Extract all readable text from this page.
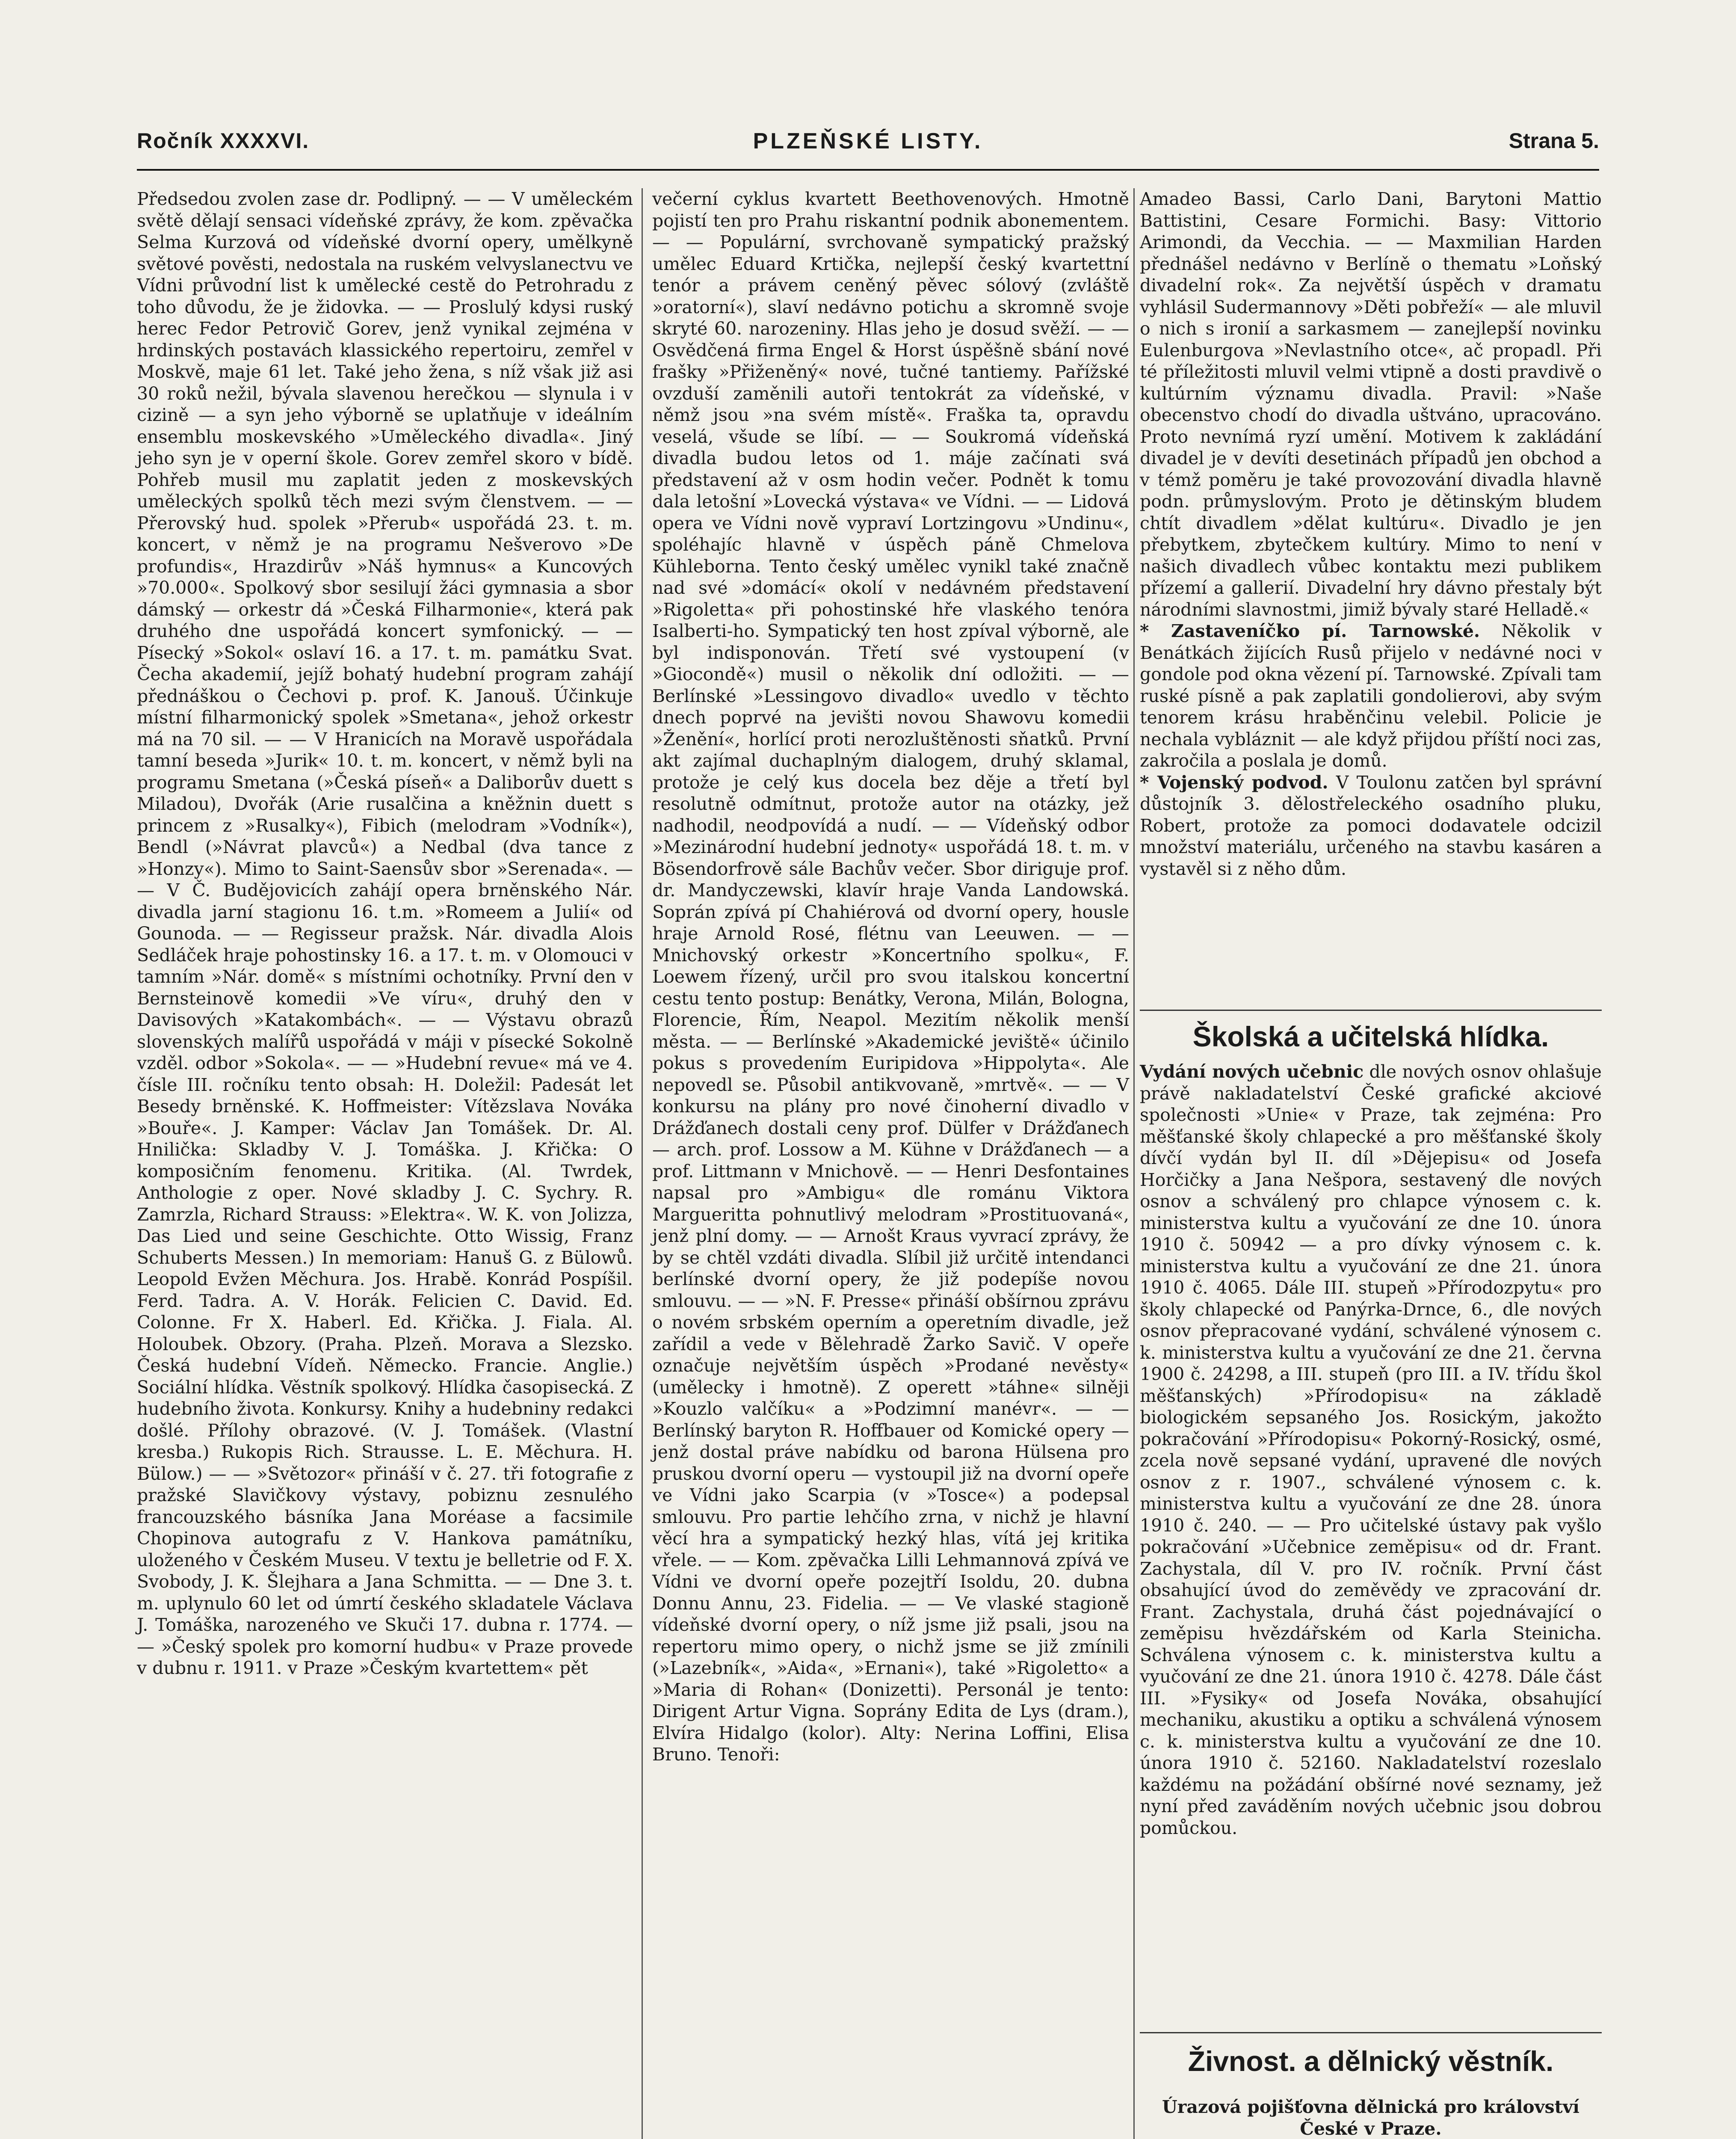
Ročník XXXXVI.	PLZEŇSKÉ LISTY.	Strana 5.

Předsedou zvolen zase dr. Podlipný. — — V uměleckém světě dělají sensaci vídeňské zprávy, že kom. zpěvačka Selma Kurzová od vídeňské dvorní opery, umělkyně světové pověsti, nedostala na ruském velvyslanectvu ve Vídni průvodní list k umělecké cestě do Petrohradu z toho důvodu, že je židovka. — — Proslulý kdysi ruský herec Fedor Petrovič Gorev, jenž vynikal zejména v hrdinských postavách klassického repertoiru, zemřel v Moskvě, maje 61 let. Také jeho žena, s níž však již asi 30 roků nežil, bývala slavenou herečkou — slynula i v cizině — a syn jeho výborně se uplatňuje v ideálním ensemblu moskevského »Uměleckého divadla«. Jiný jeho syn je v operní škole. Gorev zemřel skoro v bídě. Pohřeb musil mu zaplatit jeden z moskevských uměleckých spolků těch mezi svým členstvem. — — Přerovský hud. spolek »Přerub« uspořádá 23. t. m. koncert, v němž je na programu Nešverovo »De profundis«, Hrazdirův »Náš hymnus« a Kuncových »70.000«. Spolkový sbor sesilují žáci gymnasia a sbor dámský — orkestr dá »Česká Filharmonie«, která pak druhého dne uspořádá koncert symfonický. — — Písecký »Sokol« oslaví 16. a 17. t. m. památku Svat. Čecha akademií, jejíž bohatý hudební program zahájí přednáškou o Čechovi p. prof. K. Janouš. Účinkuje místní filharmonický spolek »Smetana«, jehož orkestr má na 70 sil. — — V Hranicích na Moravě uspořádala tamní beseda »Jurik« 10. t. m. koncert, v němž byli na programu Smetana (»Česká píseň« a Daliborův duett s Miladou), Dvořák (Arie rusalčina a kněžnin duett s princem z »Rusalky«), Fibich (melodram »Vodník«), Bendl (»Návrat plavců«) a Nedbal (dva tance z »Honzy«). Mimo to Saint-Saensův sbor »Serenada«. — — V Č. Budějovicích zahájí opera brněnského Nár. divadla jarní stagionu 16. t.m. »Romeem a Julií« od Gounoda. — — Regisseur pražsk. Nár. divadla Alois Sedláček hraje pohostinsky 16. a 17. t. m. v Olomouci v tamním »Nár. domě« s místními ochotníky. První den v Bernsteinově komedii »Ve víru«, druhý den v Davisových »Katakombách«. — — Výstavu obrazů slovenských malířů uspořádá v máji v písecké Sokolně vzděl. odbor »Sokola«. — — »Hudební revue« má ve 4. čísle III. ročníku tento obsah: H. Doležil: Padesát let Besedy brněnské. K. Hoffmeister: Vítězslava Nováka »Bouře«. J. Kamper: Václav Jan Tomášek. Dr. Al. Hnilička: Skladby V. J. Tomáška. J. Křička: O komposičním fenomenu. Kritika. (Al. Twrdek, Anthologie z oper. Nové skladby J. C. Sychry. R. Zamrzla, Richard Strauss: »Elektra«. W. K. von Jolizza, Das Lied und seine Geschichte. Otto Wissig, Franz Schuberts Messen.) In memoriam: Hanuš G. z Bülowů. Leopold Evžen Měchura. Jos. Hrabě. Konrád Pospíšil. Ferd. Tadra. A. V. Horák. Felicien C. David. Ed. Colonne. Fr X. Haberl. Ed. Křička. J. Fiala. Al. Holoubek. Obzory. (Praha. Plzeň. Morava a Slezsko. Česká hudební Vídeň. Německo. Francie. Anglie.) Sociální hlídka. Věstník spolkový. Hlídka časopisecká. Z hudebního života. Konkursy. Knihy a hudebniny redakci došlé. Přílohy obrazové. (V. J. Tomášek. (Vlastní kresba.) Rukopis Rich. Strausse. L. E. Měchura. H. Bülow.) — — »Světozor« přináší v č. 27. tři fotografie z pražské Slavičkovy výstavy, pobiznu zesnulého francouzského básníka Jana Moréase a facsimile Chopinova autografu z V. Hankova památníku, uloženého v Českém Museu. V textu je belletrie od F. X. Svobody, J. K. Šlejhara a Jana Schmitta. — — Dne 3. t. m. uplynulo 60 let od úmrtí českého skladatele Václava J. Tomáška, narozeného ve Skuči 17. dubna r. 1774. — — »Český spolek pro komorní hudbu« v Praze provede v dubnu r. 1911. v Praze »Českým kvartettem« pět

večerní cyklus kvartett Beethovenových. Hmotně pojistí ten pro Prahu riskantní podnik abonementem. — — Populární, svrchovaně sympatický pražský umělec Eduard Krtička, nejlepší český kvartettní tenór a právem ceněný pěvec sólový (zvláště »oratorní«), slaví nedávno potichu a skromně svoje skryté 60. narozeniny. Hlas jeho je dosud svěží. — — Osvědčená firma Engel & Horst úspěšně sbání nové frašky »Přiženěný« nové, tučné tantiemy. Pařížské ovzduší zaměnili autoři tentokrát za vídeňské, v němž jsou »na svém místě«. Fraška ta, opravdu veselá, všude se líbí. — — Soukromá vídeňská divadla budou letos od 1. máje začínati svá představení až v osm hodin večer. Podnět k tomu dala letošní »Lovecká výstava« ve Vídni. — — Lidová opera ve Vídni nově vypraví Lortzingovu »Undinu«, spoléhajíc hlavně v úspěch páně Chmelova Kühleborna. Tento český umělec vynikl také značně nad své »domácí« okolí v nedávném představení »Rigoletta« při pohostinské hře vlaského tenóra Isalberti-ho. Sympatický ten host zpíval výborně, ale byl indisponován. Třetí své vystoupení (v »Giocondě«) musil o několik dní odložiti. — — Berlínské »Lessingovo divadlo« uvedlo v těchto dnech poprvé na jevišti novou Shawovu komedii »Ženění«, horlící proti nerozluštěnosti sňatků. První akt zajímal duchaplným dialogem, druhý sklamal, protože je celý kus docela bez děje a třetí byl resolutně odmítnut, protože autor na otázky, jež nadhodil, neodpovídá a nudí. — — Vídeňský odbor »Mezinárodní hudební jednoty« uspořádá 18. t. m. v Bösendorfrově sále Bachův večer. Sbor diriguje prof. dr. Mandyczewski, klavír hraje Vanda Landowská. Soprán zpívá pí Chahiérová od dvorní opery, housle hraje Arnold Rosé, flétnu van Leeuwen. — — Mnichovský orkestr »Koncertního spolku«, F. Loewem řízený, určil pro svou italskou koncertní cestu tento postup: Benátky, Verona, Milán, Bologna, Florencie, Řím, Neapol. Mezitím několik menší města. — — Berlínské »Akademické jeviště« účinilo pokus s provedením Euripidova »Hippolyta«. Ale nepovedl se. Působil antikvovaně, »mrtvě«. — — V konkursu na plány pro nové činoherní divadlo v Drážďanech dostali ceny prof. Dülfer v Drážďanech — arch. prof. Lossow a M. Kühne v Drážďanech — a prof. Littmann v Mnichově. — — Henri Desfontaines napsal pro »Ambigu« dle románu Viktora Margueritta pohnutlivý melodram »Prostituovaná«, jenž plní domy. — — Arnošt Kraus vyvrací zprávy, že by se chtěl vzdáti divadla. Slíbil již určitě intendanci berlínské dvorní opery, že již podepíše novou smlouvu. — — »N. F. Presse« přináší obšírnou zprávu o novém srbském operním a operetním divadle, jež zařídil a vede v Bělehradě Žarko Savič. V opeře označuje největším úspěch »Prodané nevěsty« (umělecky i hmotně). Z operett »táhne« silněji »Kouzlo valčíku« a »Podzimní manévr«. — — Berlínský baryton R. Hoffbauer od Komické opery — jenž dostal práve nabídku od barona Hülsena pro pruskou dvorní operu — vystoupil již na dvorní opeře ve Vídni jako Scarpia (v »Tosce«) a podepsal smlouvu. Pro partie lehčího zrna, v nichž je hlavní věcí hra a sympatický hezký hlas, vítá jej kritika vřele. — — Kom. zpěvačka Lilli Lehmannová zpívá ve Vídni ve dvorní opeře pozejtří Isoldu, 20. dubna Donnu Annu, 23. Fidelia. — — Ve vlaské stagioně vídeňské dvorní opery, o níž jsme již psali, jsou na repertoru mimo opery, o nichž jsme se již zmínili (»Lazebník«, »Aida«, »Ernani«), také »Rigoletto« a »Maria di Rohan« (Donizetti). Personál je tento: Dirigent Artur Vigna. Soprány Edita de Lys (dram.), Elvíra Hidalgo (kolor). Alty: Nerina Loffini, Elisa Bruno. Tenoři:

Amadeo Bassi, Carlo Dani, Barytoni Mattio Battistini, Cesare Formichi. Basy: Vittorio Arimondi, da Vecchia. — — Maxmilian Harden přednášel nedávno v Berlíně o thematu »Loňský divadelní rok«. Za největší úspěch v dramatu vyhlásil Sudermannovy »Děti pobřeží« — ale mluvil o nich s ironií a sarkasmem — zanejlepší novinku Eulenburgova »Nevlastního otce«, ač propadl. Při té příležitosti mluvil velmi vtipně a dosti pravdivě o kultúrním významu divadla. Pravil: »Naše obecenstvo chodí do divadla uštváno, upracováno. Proto nevnímá ryzí umění. Motivem k zakládání divadel je v devíti desetinách případů jen obchod a v témž poměru je také provozování divadla hlavně podn. průmyslovým. Proto je dětinským bludem chtít divadlem »dělat kultúru«. Divadlo je jen přebytkem, zbytečkem kultúry. Mimo to není v našich divadlech vůbec kontaktu mezi publikem přízemí a gallerií. Divadelní hry dávno přestaly být národními slavnostmi, jimiž bývaly staré Helladě.«

* Zastaveníčko pí. Tarnowské. Několik v Benátkách žijících Rusů přijelo v nedávné noci v gondole pod okna vězení pí. Tarnowské. Zpívali tam ruské písně a pak zaplatili gondolierovi, aby svým tenorem krásu hraběnčinu velebil. Policie je nechala vybláznit — ale když přijdou příští noci zas, zakročila a poslala je domů.

* Vojenský podvod. V Toulonu zatčen byl správní důstojník 3. dělostřeleckého osadního pluku, Robert, protože za pomoci dodavatele odcizil množství materiálu, určeného na stavbu kasáren a vystavěl si z něho dům.

Školská a učitelská hlídka.

Vydání nových učebnic dle nových osnov ohlašuje právě nakladatelství České grafické akciové společnosti »Unie« v Praze, tak zejména: Pro měšťanské školy chlapecké a pro měšťanské školy dívčí vydán byl II. díl »Dějepisu« od Josefa Horčičky a Jana Nešpora, sestavený dle nových osnov a schválený pro chlapce výnosem c. k. ministerstva kultu a vyučování ze dne 10. února 1910 č. 50942 — a pro dívky výnosem c. k. ministerstva kultu a vyučování ze dne 21. února 1910 č. 4065. Dále III. stupeň »Přírodozpytu« pro školy chlapecké od Panýrka-Drnce, 6., dle nových osnov přepracované vydání, schválené výnosem c. k. ministerstva kultu a vyučování ze dne 21. června 1900 č. 24298, a III. stupeň (pro III. a IV. třídu škol měšťanských) »Přírodopisu« na základě biologickém sepsaného Jos. Rosickým, jakožto pokračování »Přírodopisu« Pokorný-Rosický, osmé, zcela nově sepsané vydání, upravené dle nových osnov z r. 1907., schválené výnosem c. k. ministerstva kultu a vyučování ze dne 28. února 1910 č. 240. — — Pro učitelské ústavy pak vyšlo pokračování »Učebnice zeměpisu« od dr. Frant. Zachystala, díl V. pro IV. ročník. První část obsahující úvod do zeměvědy ve zpracování dr. Frant. Zachystala, druhá část pojednávající o zeměpisu hvězdářském od Karla Steinicha. Schválena výnosem c. k. ministerstva kultu a vyučování ze dne 21. února 1910 č. 4278. Dále část III. »Fysiky« od Josefa Nováka, obsahující mechaniku, akustiku a optiku a schválená výnosem c. k. ministerstva kultu a vyučování ze dne 10. února 1910 č. 52160. Nakladatelství rozeslalo každému na požádání obšírné nové seznamy, jež nyní před zaváděním nových učebnic jsou dobrou pomůckou.

Živnost. a dělnický věstník.

Úrazová pojišťovna dělnická pro království České v Praze.
